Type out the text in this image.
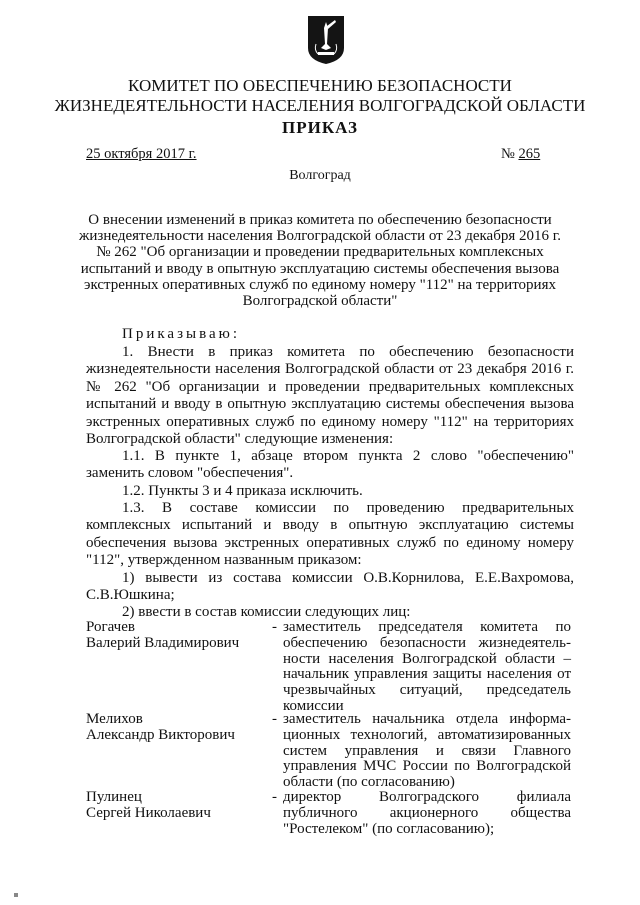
КОМИТЕТ ПО ОБЕСПЕЧЕНИЮ БЕЗОПАСНОСТИ
ЖИЗНЕДЕЯТЕЛЬНОСТИ НАСЕЛЕНИЯ ВОЛГОГРАДСКОЙ ОБЛАСТИ
ПРИКАЗ
25 октября 2017 г.	№ 265
Волгоград
О внесении изменений в приказ комитета по обеспечению безопасности
жизнедеятельности населения Волгоградской области от 23 декабря 2016 г.
№ 262 "Об организации и проведении предварительных комплексных
испытаний и вводу в опытную эксплуатацию системы обеспечения вызова
экстренных оперативных служб по единому номеру "112" на территориях
Волгоградской области"
Приказываю:
1. Внести в приказ комитета по обеспечению безопасности жизнедеятельности населения Волгоградской области от 23 декабря 2016 г. № 262 "Об организации и проведении предварительных комплексных испытаний и вводу в опытную эксплуатацию системы обеспечения вызова экстренных оперативных служб по единому номеру "112" на территориях Волгоградской области" следующие изменения:
1.1. В пункте 1, абзаце втором пункта 2 слово "обеспечению" заменить словом "обеспечения".
1.2. Пункты 3 и 4 приказа исключить.
1.3. В составе комиссии по проведению предварительных комплексных испытаний и вводу в опытную эксплуатацию системы обеспечения вызова экстренных оперативных служб по единому номеру "112", утвержденном названным приказом:
1) вывести из состава комиссии О.В.Корнилова, Е.Е.Вахромова, С.В.Юшкина;
2) ввести в состав комиссии следующих лиц:
Рогачев
Валерий Владимирович
- заместитель председателя комитета по обеспечению безопасности жизнедеятель-ности населения Волгоградской области – начальник управления защиты населения от чрезвычайных ситуаций, председатель комиссии
Мелихов
Александр Викторович
- заместитель начальника отдела информа-ционных технологий, автоматизированных систем управления и связи Главного управления МЧС России по Волгоградской области (по согласованию)
Пулинец
Сергей Николаевич
- директор Волгоградского филиала публичного акционерного общества "Ростелеком" (по согласованию);
